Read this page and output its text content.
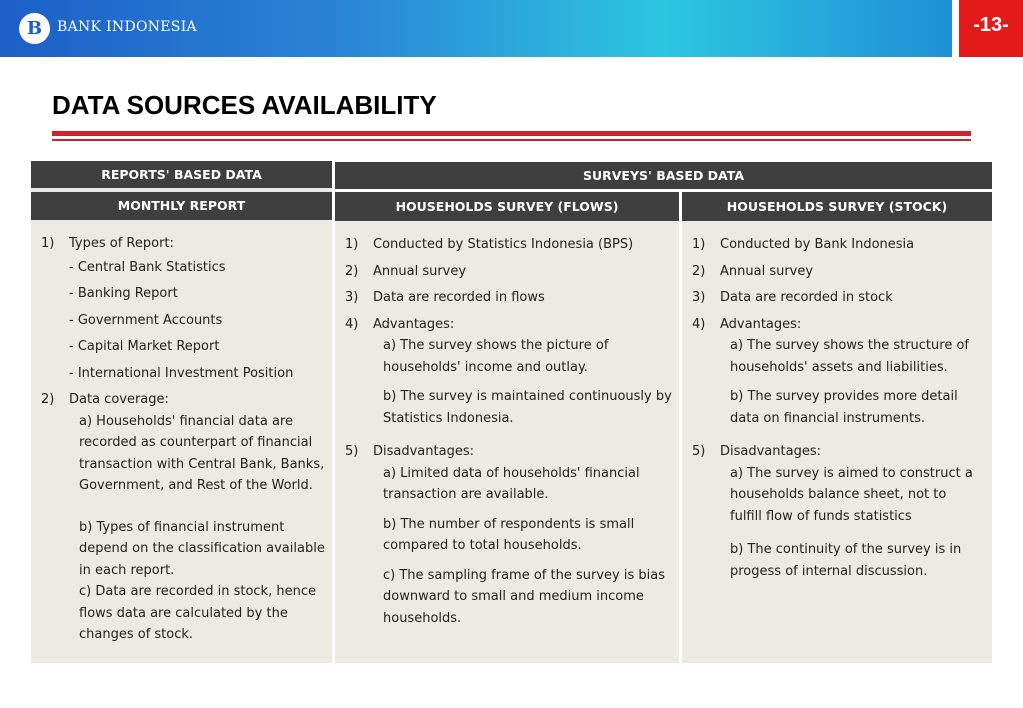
B	BANK INDONESIA	-13-
DATA SOURCES AVAILABILITY
REPORTS' BASED DATA
MONTHLY REPORT
1) Types of Report:
- Central Bank Statistics
- Banking Report
- Government Accounts
- Capital Market Report
- International Investment Position
2) Data coverage:
a) Households' financial data are
recorded as counterpart of financial
transaction with Central Bank, Banks,
Government, and Rest of the World.
b) Types of financial instrument
depend on the classification available
in each report.
c) Data are recorded in stock, hence
flows data are calculated by the
changes of stock.
SURVEYS' BASED DATA
HOUSEHOLDS SURVEY (FLOWS)
1) Conducted by Statistics Indonesia (BPS)
2) Annual survey
3) Data are recorded in flows
4) Advantages:
a) The survey shows the picture of
households' income and outlay.
b) The survey is maintained continuously by
Statistics Indonesia.
5) Disadvantages:
a) Limited data of households' financial
transaction are available.
b) The number of respondents is small
compared to total households.
c) The sampling frame of the survey is bias
downward to small and medium income
households.
HOUSEHOLDS SURVEY (STOCK)
1) Conducted by Bank Indonesia
2) Annual survey
3) Data are recorded in stock
4) Advantages:
a) The survey shows the structure of
households' assets and liabilities.
b) The survey provides more detail
data on financial instruments.
5) Disadvantages:
a) The survey is aimed to construct a
households balance sheet, not to
fulfill flow of funds statistics
b) The continuity of the survey is in
progess of internal discussion.
